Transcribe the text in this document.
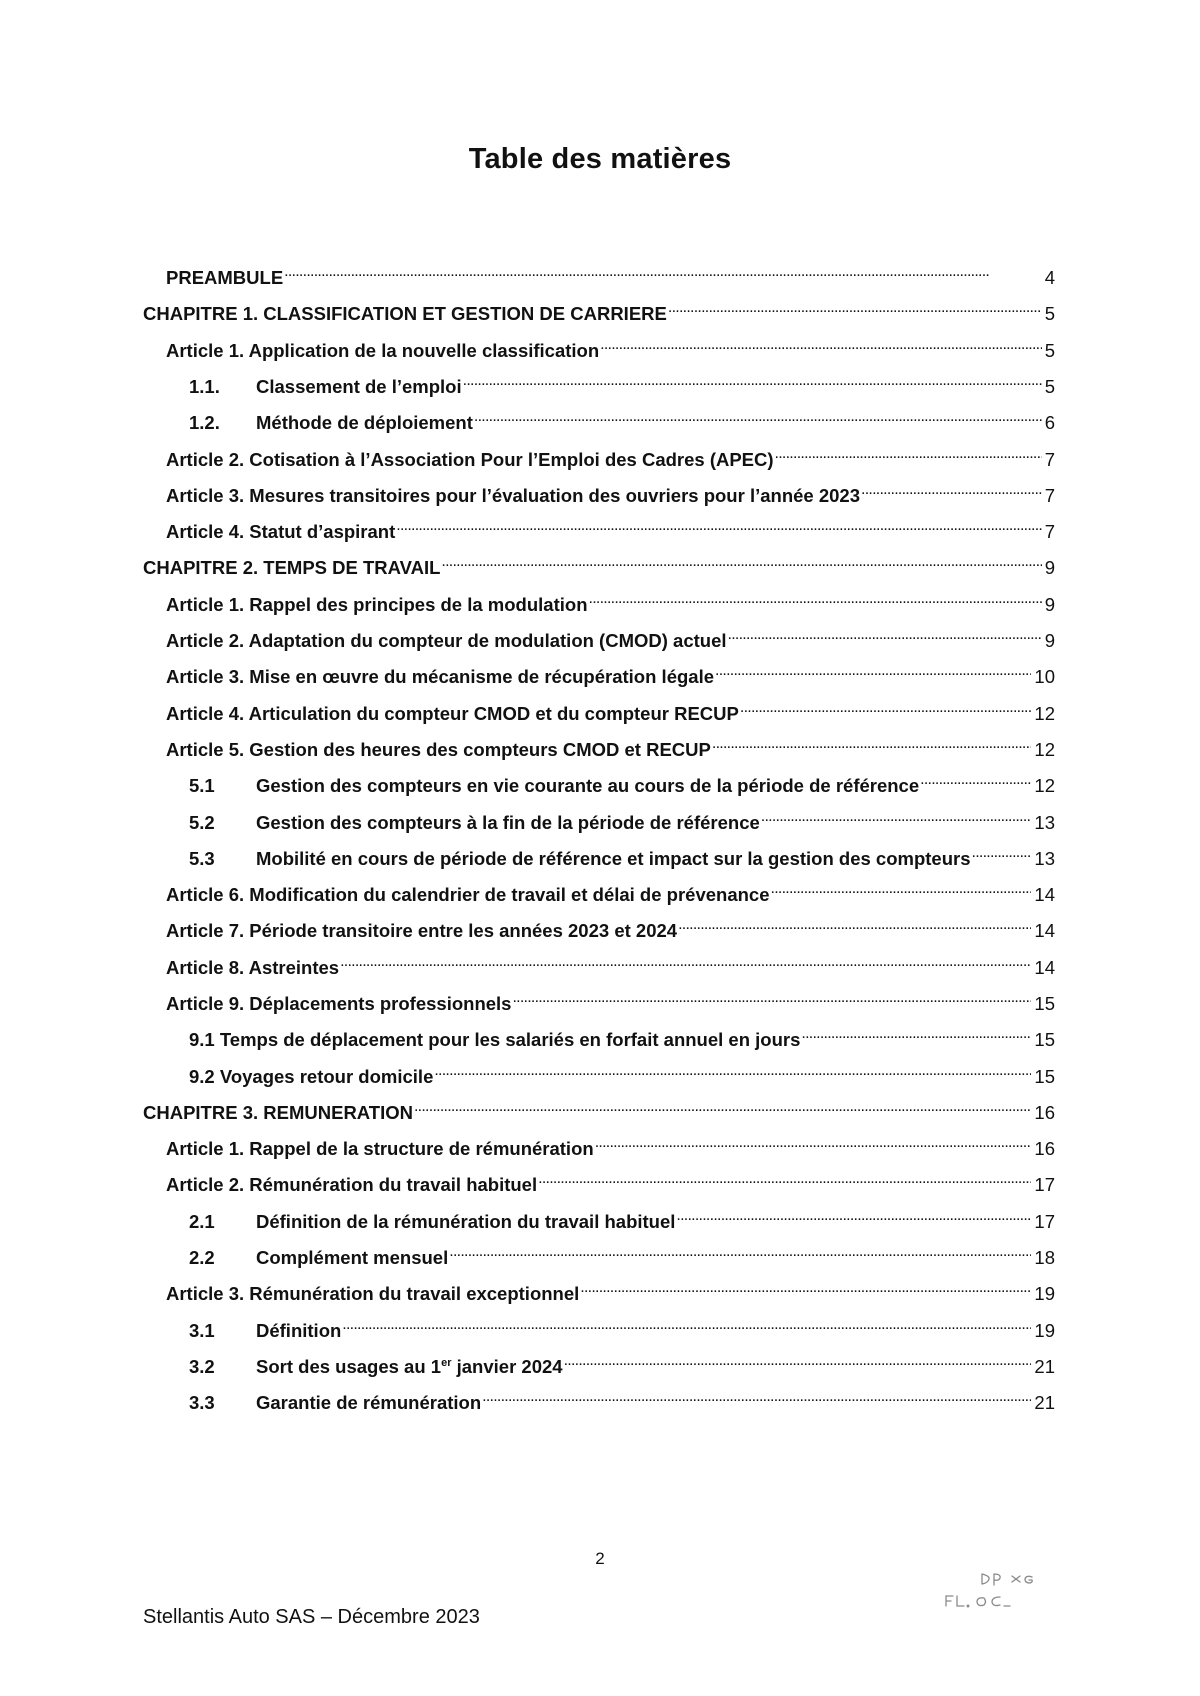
Table des matières
PREAMBULE . . .	4
CHAPITRE 1. CLASSIFICATION ET GESTION DE CARRIERE . . .	5
Article 1. Application de la nouvelle classification . . .	5
1.1.	Classement de l’emploi . . .	5
1.2.	Méthode de déploiement . . .	6
Article 2. Cotisation à l’Association Pour l’Emploi des Cadres (APEC) . . .	7
Article 3. Mesures transitoires pour l’évaluation des ouvriers pour l’année 2023 . . .	7
Article 4. Statut d’aspirant . . .	7
CHAPITRE 2. TEMPS DE TRAVAIL . . .	9
Article 1. Rappel des principes de la modulation . . .	9
Article 2. Adaptation du compteur de modulation (CMOD) actuel . . .	9
Article 3. Mise en œuvre du mécanisme de récupération légale . . .	10
Article 4. Articulation du compteur CMOD et du compteur RECUP . . .	12
Article 5. Gestion des heures des compteurs CMOD et RECUP . . .	12
5.1	Gestion des compteurs en vie courante au cours de la période de référence . . .	12
5.2	Gestion des compteurs à la fin de la période de référence . . .	13
5.3	Mobilité en cours de période de référence et impact sur la gestion des compteurs . . .	13
Article 6. Modification du calendrier de travail et délai de prévenance . . .	14
Article 7. Période transitoire entre les années 2023 et 2024 . . .	14
Article 8. Astreintes . . .	14
Article 9. Déplacements professionnels . . .	15
9.1 Temps de déplacement pour les salariés en forfait annuel en jours . . .	15
9.2 Voyages retour domicile . . .	15
CHAPITRE 3. REMUNERATION . . .	16
Article 1. Rappel de la structure de rémunération . . .	16
Article 2. Rémunération du travail habituel . . .	17
2.1	Définition de la rémunération du travail habituel . . .	17
2.2	Complément mensuel . . .	18
Article 3. Rémunération du travail exceptionnel . . .	19
3.1	Définition . . .	19
3.2	Sort des usages au 1er janvier 2024 . . .	21
3.3	Garantie de rémunération . . .	21
2
Stellantis Auto SAS – Décembre 2023
